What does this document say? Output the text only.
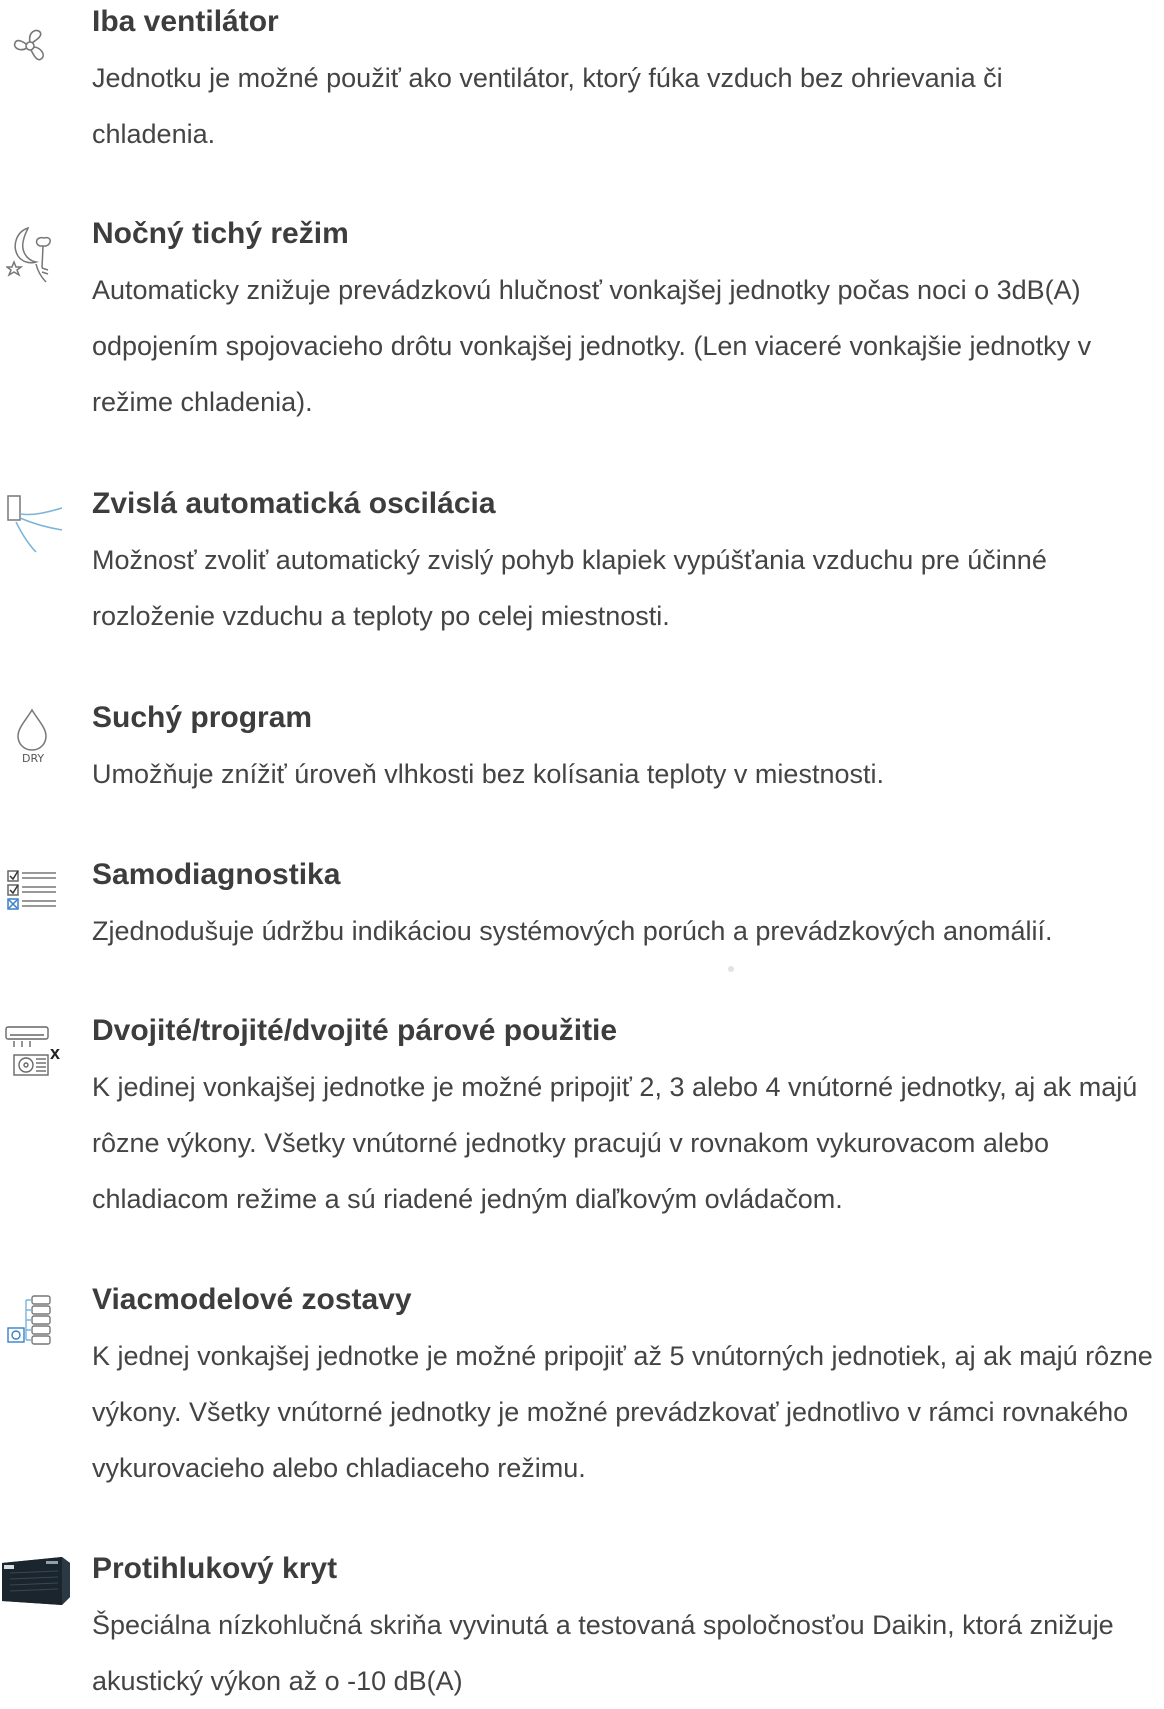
Iba ventilátor
Jednotku je možné použiť ako ventilátor, ktorý fúka vzduch bez ohrievania či chladenia.
Nočný tichý režim
Automaticky znižuje prevádzkovú hlučnosť vonkajšej jednotky počas noci o 3dB(A) odpojením spojovacieho drôtu vonkajšej jednotky. (Len viaceré vonkajšie jednotky v režime chladenia).
Zvislá automatická oscilácia
Možnosť zvoliť automatický zvislý pohyb klapiek vypúšťania vzduchu pre účinné rozloženie vzduchu a teploty po celej miestnosti.
DRY
Suchý program
Umožňuje znížiť úroveň vlhkosti bez kolísania teploty v miestnosti.
Samodiagnostika
Zjednodušuje údržbu indikáciou systémových porúch a prevádzkových anomálií.
x
Dvojité/trojité/dvojité párové použitie
K jedinej vonkajšej jednotke je možné pripojiť 2, 3 alebo 4 vnútorné jednotky, aj ak majú rôzne výkony. Všetky vnútorné jednotky pracujú v rovnakom vykurovacom alebo chladiacom režime a sú riadené jedným diaľkovým ovládačom.
Viacmodelové zostavy
K jednej vonkajšej jednotke je možné pripojiť až 5 vnútorných jednotiek, aj ak majú rôzne výkony. Všetky vnútorné jednotky je možné prevádzkovať jednotlivo v rámci rovnakého vykurovacieho alebo chladiaceho režimu.
Protihlukový kryt
Špeciálna nízkohlučná skriňa vyvinutá a testovaná spoločnosťou Daikin, ktorá znižuje akustický výkon až o -10 dB(A)
